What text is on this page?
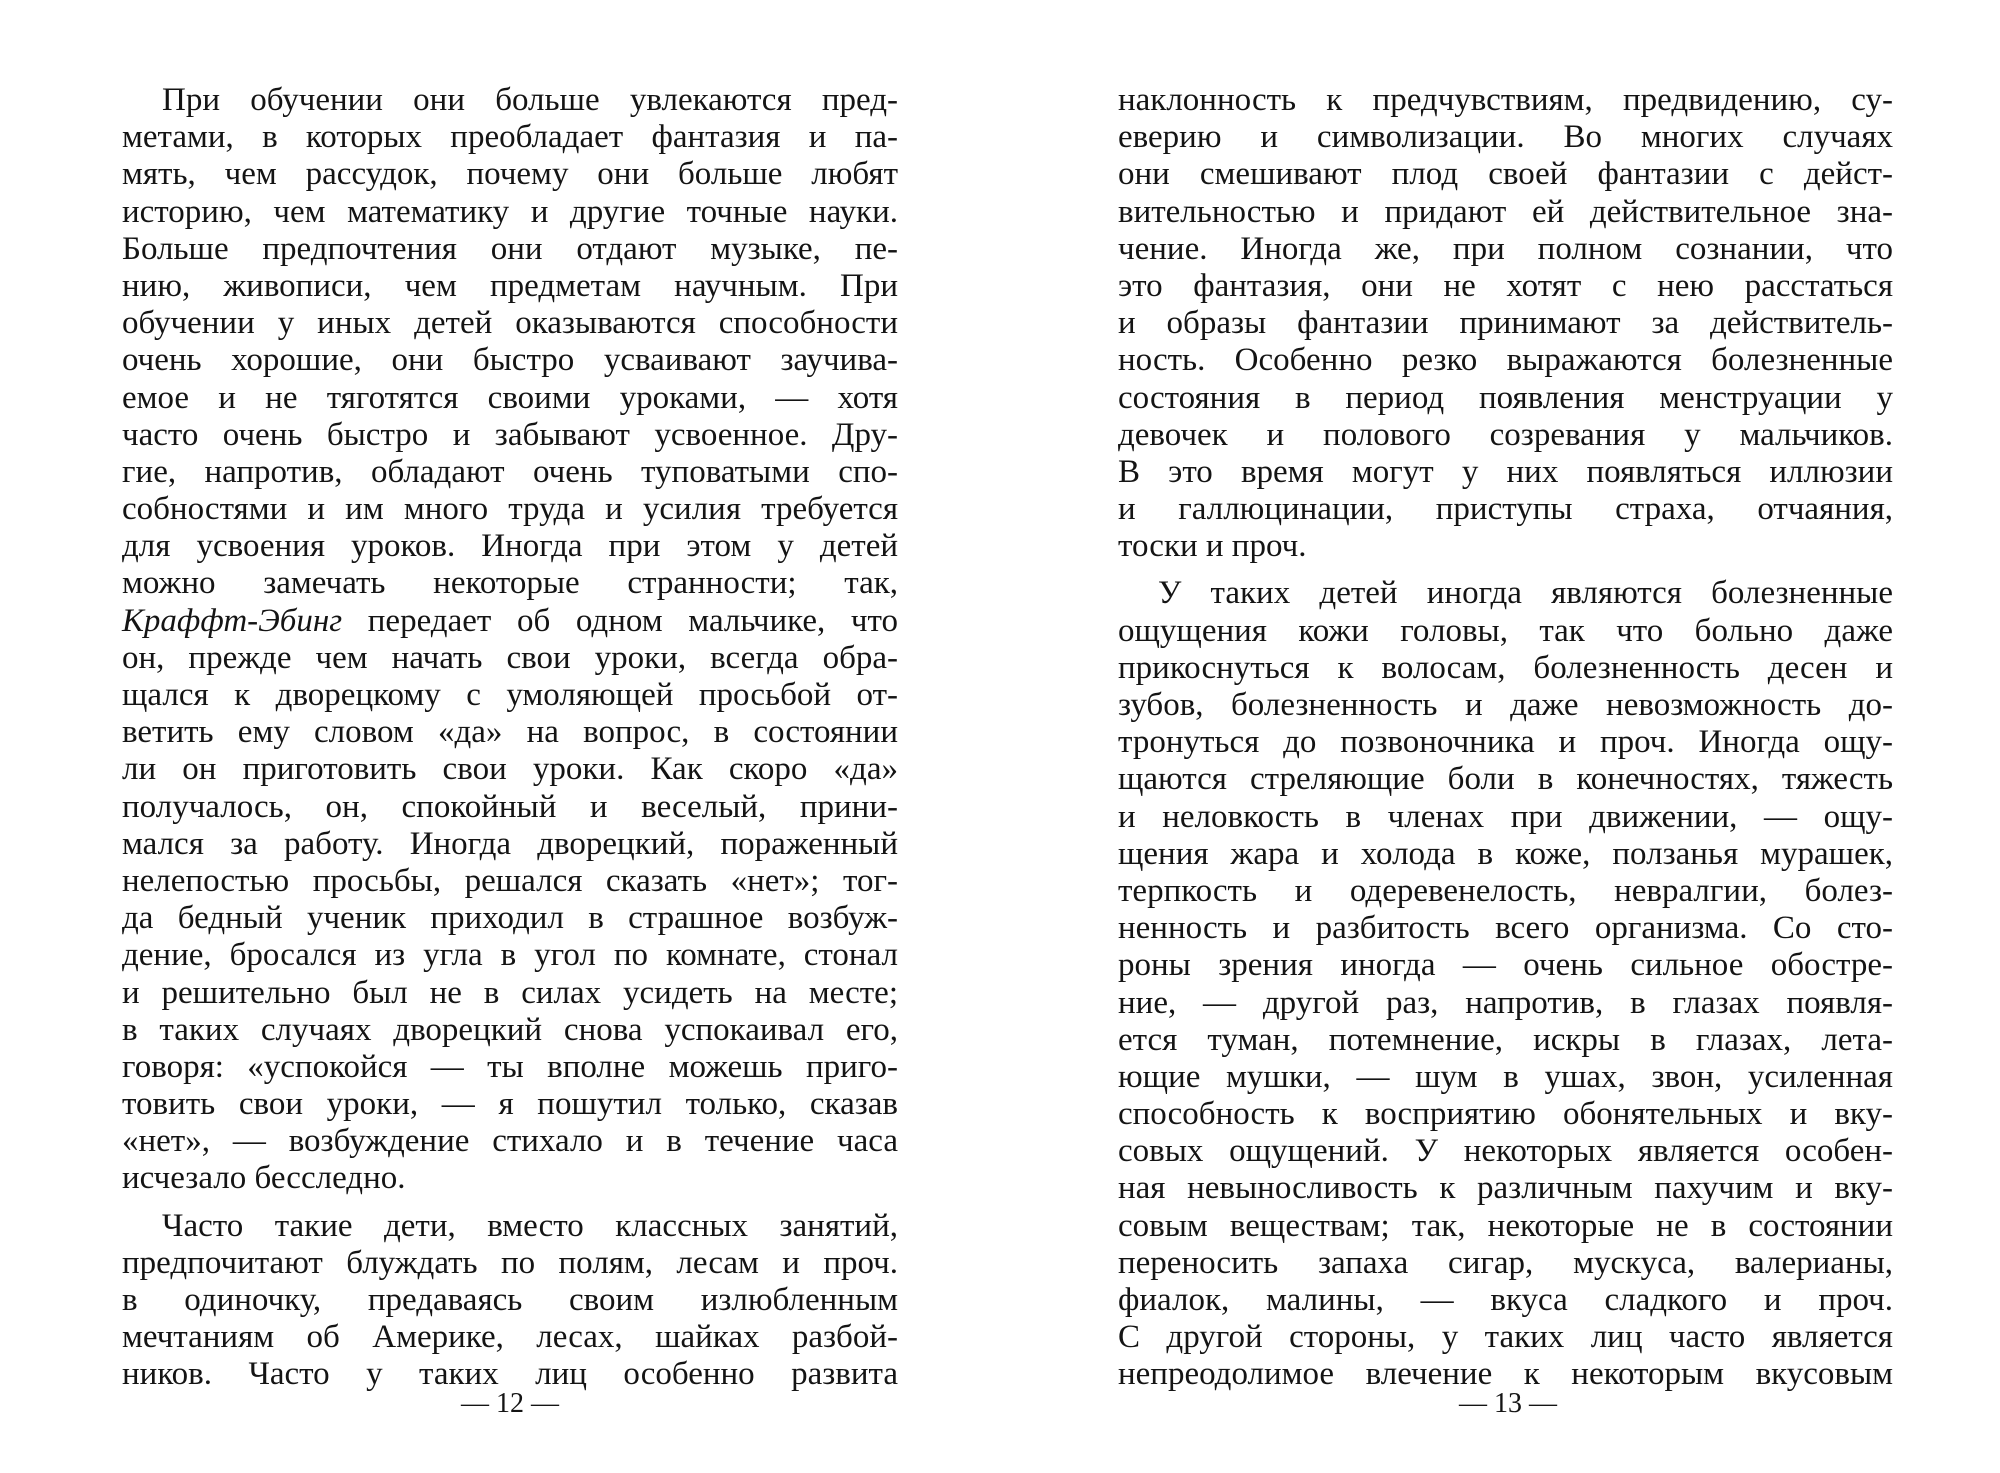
При обучении они больше увлекаются пред-
метами, в которых преобладает фантазия и па-
мять, чем рассудок, почему они больше любят
историю, чем математику и другие точные науки.
Больше предпочтения они отдают музыке, пе-
нию, живописи, чем предметам научным. При
обучении у иных детей оказываются способности
очень хорошие, они быстро усваивают заучива-
емое и не тяготятся своими уроками, — хотя
часто очень быстро и забывают усвоенное. Дру-
гие, напротив, обладают очень туповатыми спо-
собностями и им много труда и усилия требуется
для усвоения уроков. Иногда при этом у детей
можно замечать некоторые странности; так,
Краффт-Эбинг передает об одном мальчике, что
он, прежде чем начать свои уроки, всегда обра-
щался к дворецкому с умоляющей просьбой от-
ветить ему словом «да» на вопрос, в состоянии
ли он приготовить свои уроки. Как скоро «да»
получалось, он, спокойный и веселый, прини-
мался за работу. Иногда дворецкий, пораженный
нелепостью просьбы, решался сказать «нет»; тог-
да бедный ученик приходил в страшное возбуж-
дение, бросался из угла в угол по комнате, стонал
и решительно был не в силах усидеть на месте;
в таких случаях дворецкий снова успокаивал его,
говоря: «успокойся — ты вполне можешь приго-
товить свои уроки, — я пошутил только, сказав
«нет», — возбуждение стихало и в течение часа
исчезало бесследно.
Часто такие дети, вместо классных занятий,
предпочитают блуждать по полям, лесам и проч.
в одиночку, предаваясь своим излюбленным
мечтаниям об Америке, лесах, шайках разбой-
ников. Часто у таких лиц особенно развита
наклонность к предчувствиям, предвидению, су-
еверию и символизации. Во многих случаях
они смешивают плод своей фантазии с дейст-
вительностью и придают ей действительное зна-
чение. Иногда же, при полном сознании, что
это фантазия, они не хотят с нею расстаться
и образы фантазии принимают за действитель-
ность. Особенно резко выражаются болезненные
состояния в период появления менструации у
девочек и полового созревания у мальчиков.
В это время могут у них появляться иллюзии
и галлюцинации, приступы страха, отчаяния,
тоски и проч.
У таких детей иногда являются болезненные
ощущения кожи головы, так что больно даже
прикоснуться к волосам, болезненность десен и
зубов, болезненность и даже невозможность до-
тронуться до позвоночника и проч. Иногда ощу-
щаются стреляющие боли в конечностях, тяжесть
и неловкость в членах при движении, — ощу-
щения жара и холода в коже, ползанья мурашек,
терпкость и одеревенелость, невралгии, болез-
ненность и разбитость всего организма. Со сто-
роны зрения иногда — очень сильное обостре-
ние, — другой раз, напротив, в глазах появля-
ется туман, потемнение, искры в глазах, лета-
ющие мушки, — шум в ушах, звон, усиленная
способность к восприятию обонятельных и вку-
совых ощущений. У некоторых является особен-
ная невыносливость к различным пахучим и вку-
совым веществам; так, некоторые не в состоянии
переносить запаха сигар, мускуса, валерианы,
фиалок, малины, — вкуса сладкого и проч.
С другой стороны, у таких лиц часто является
непреодолимое влечение к некоторым вкусовым
— 12 —	— 13 —
